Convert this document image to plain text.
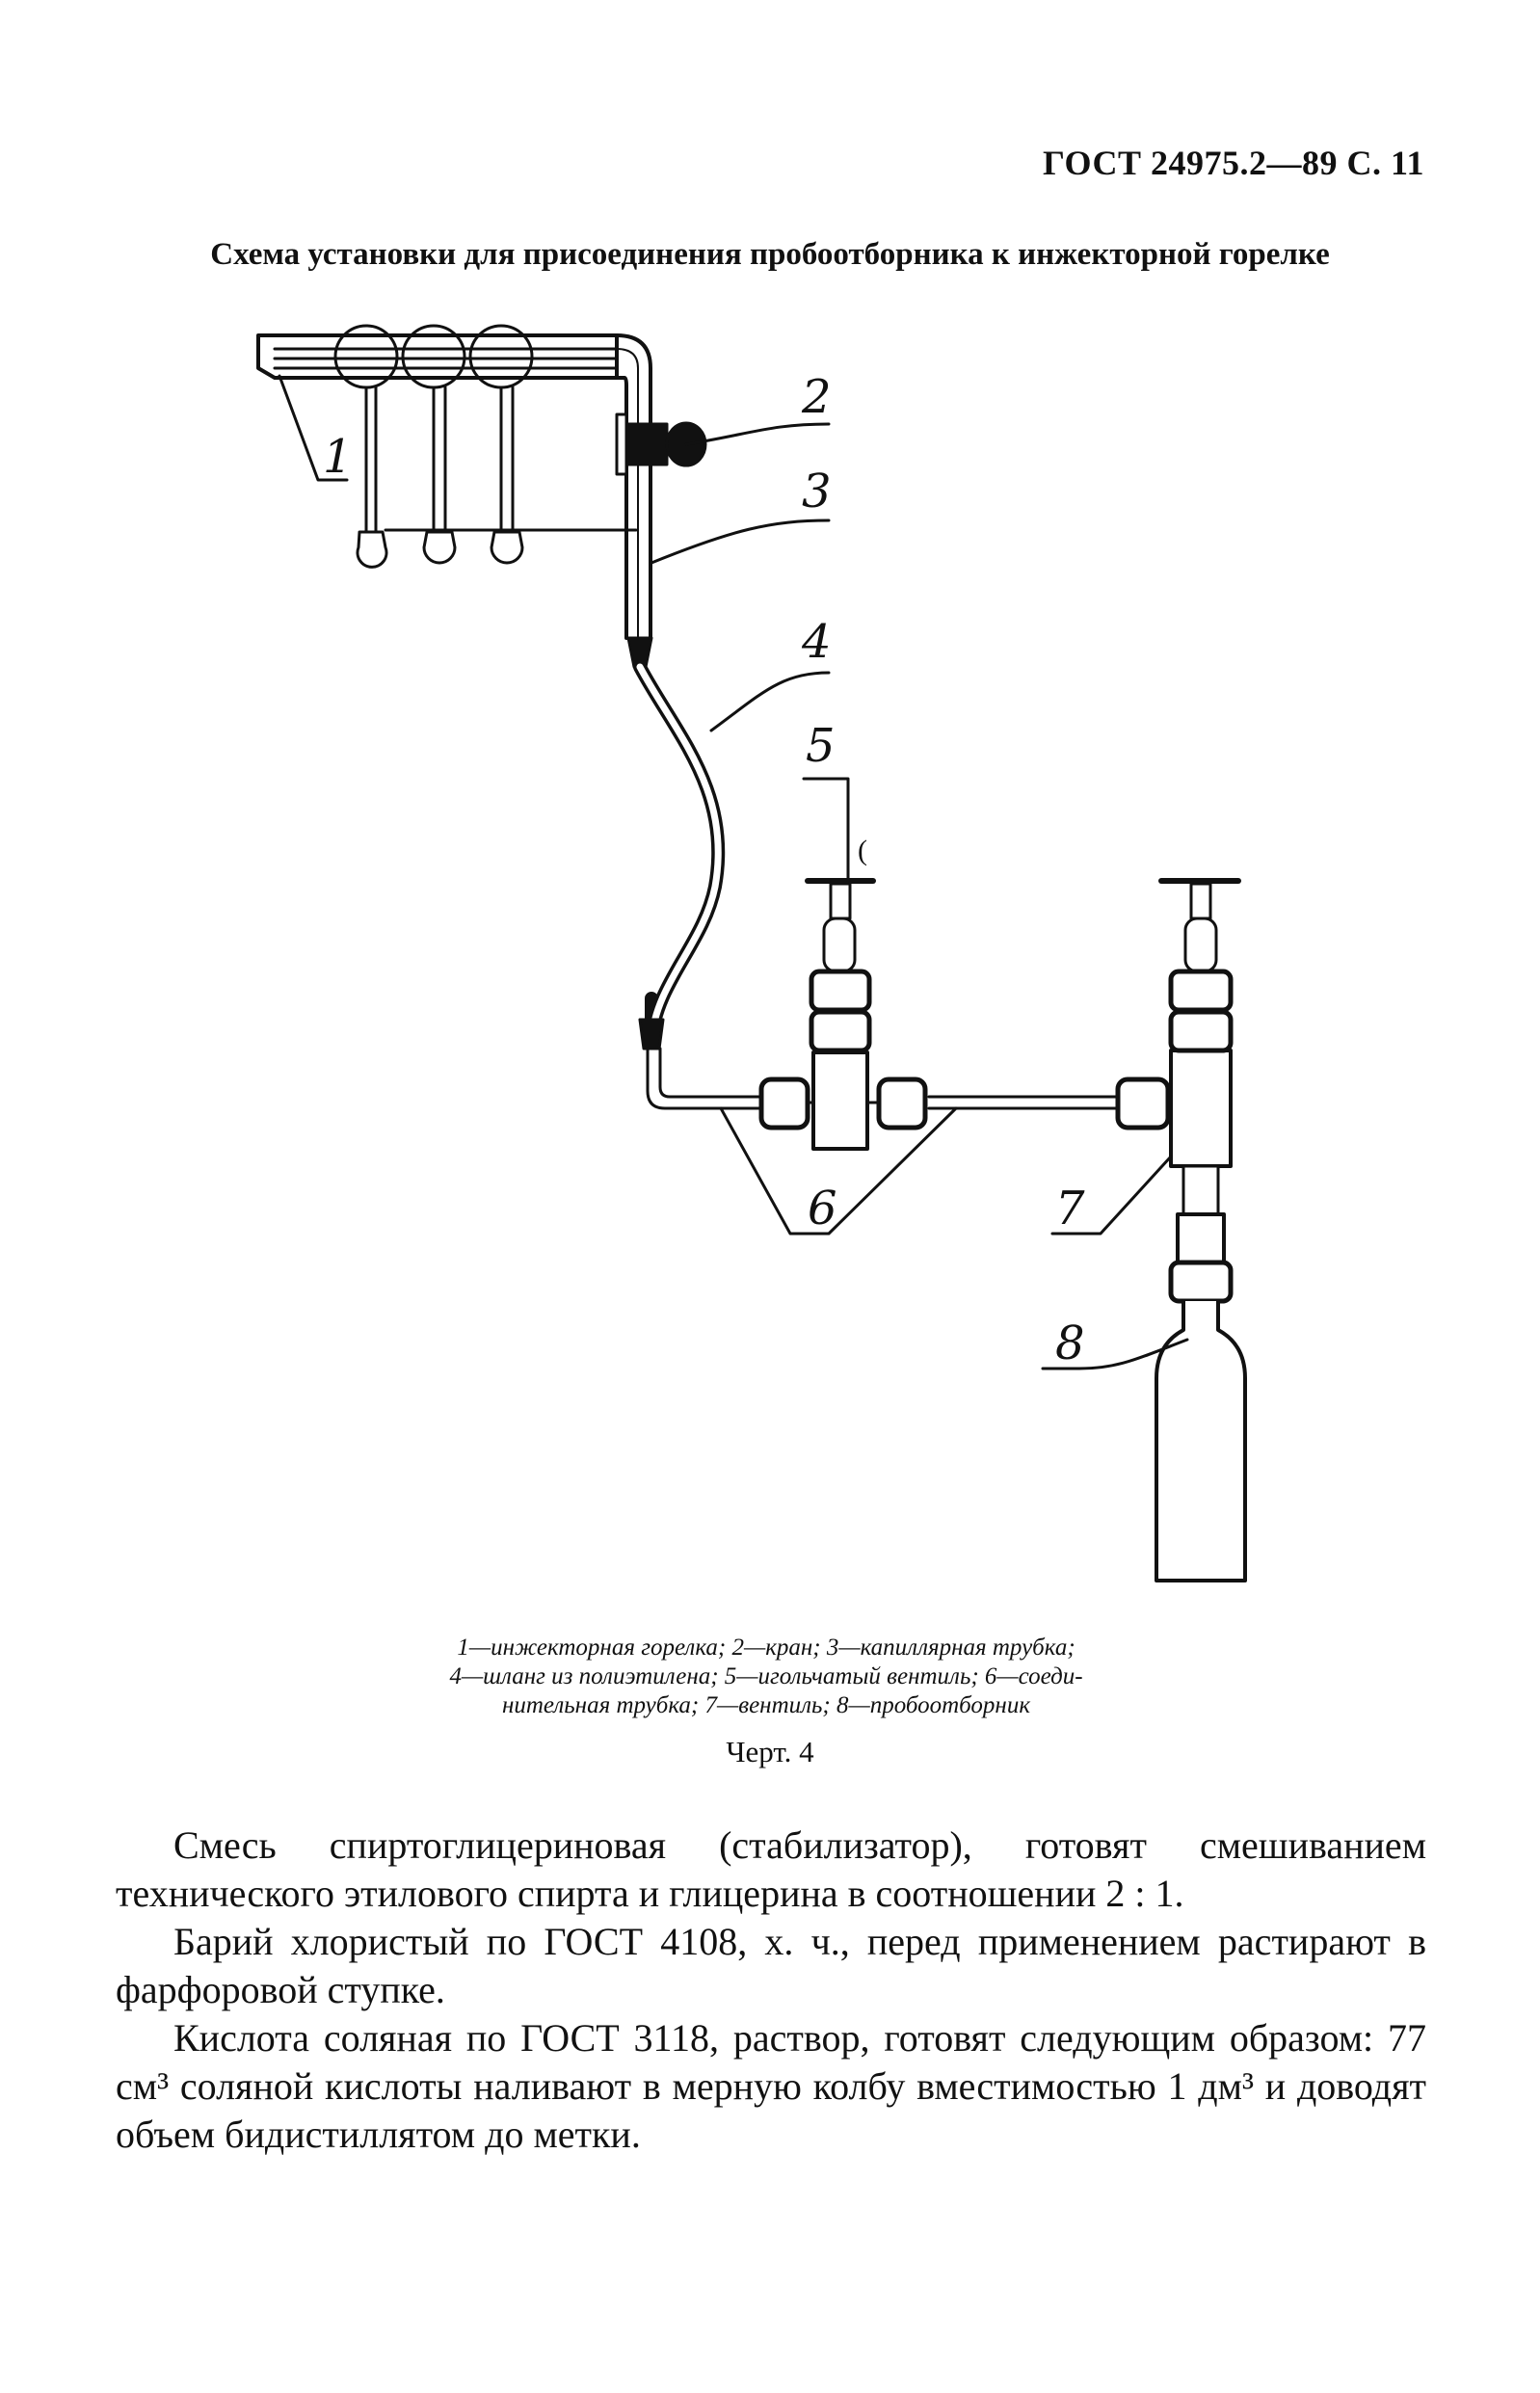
ГОСТ 24975.2—89 С. 11
Схема установки для присоединения пробоотборника к инжекторной горелке
(
1
2
3
4
5
6	7
8
1—инжекторная горелка; 2—кран; 3—капиллярная трубка;
4—шланг из полиэтилена; 5—игольчатый вентиль; 6—соеди-
нительная трубка; 7—вентиль; 8—пробоотборник
Черт. 4

Смесь спиртоглицериновая (стабилизатор), готовят смешиванием технического этилового спирта и глицерина в соотношении 2 : 1.

Барий хлористый по ГОСТ 4108, х. ч., перед применением растирают в фарфоровой ступке.

Кислота соляная по ГОСТ 3118, раствор, готовят следующим образом: 77 см³ соляной кислоты наливают в мерную колбу вместимостью 1 дм³ и доводят объем бидистиллятом до метки.
